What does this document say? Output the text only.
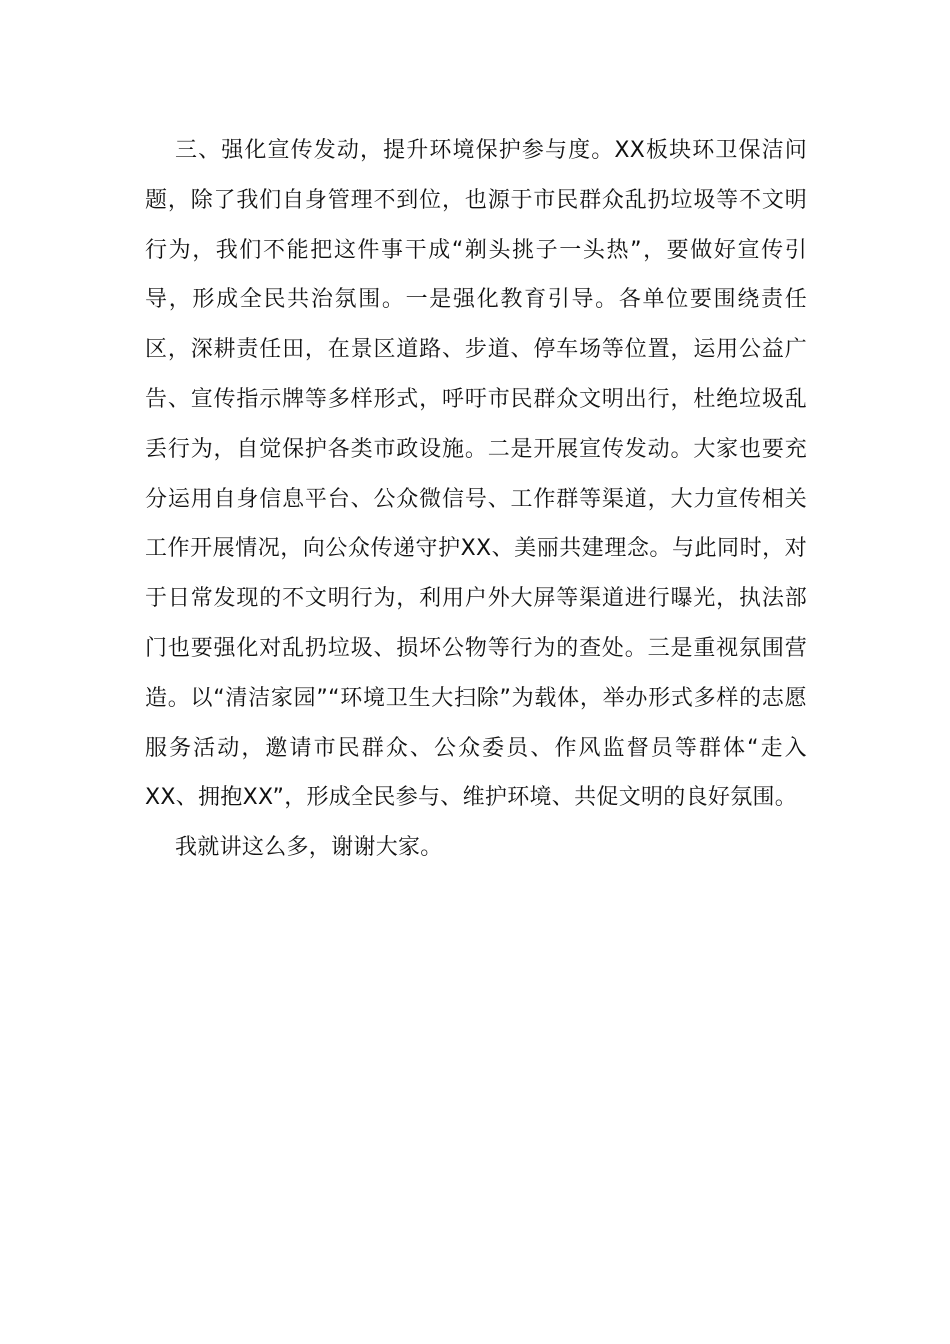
三、强化宣传发动，提升环境保护参与度。XX板块环卫保洁问题，除了我们自身管理不到位，也源于市民群众乱扔垃圾等不文明行为，我们不能把这件事干成“剃头挑子一头热”，要做好宣传引导，形成全民共治氛围。一是强化教育引导。各单位要围绕责任区，深耕责任田，在景区道路、步道、停车场等位置，运用公益广告、宣传指示牌等多样形式，呼吁市民群众文明出行，杜绝垃圾乱丢行为，自觉保护各类市政设施。二是开展宣传发动。大家也要充分运用自身信息平台、公众微信号、工作群等渠道，大力宣传相关工作开展情况，向公众传递守护XX、美丽共建理念。与此同时，对于日常发现的不文明行为，利用户外大屏等渠道进行曝光，执法部门也要强化对乱扔垃圾、损坏公物等行为的查处。三是重视氛围营造。以“清洁家园”“环境卫生大扫除”为载体，举办形式多样的志愿服务活动，邀请市民群众、公众委员、作风监督员等群体“走入XX、拥抱XX”，形成全民参与、维护环境、共促文明的良好氛围。

我就讲这么多，谢谢大家。
